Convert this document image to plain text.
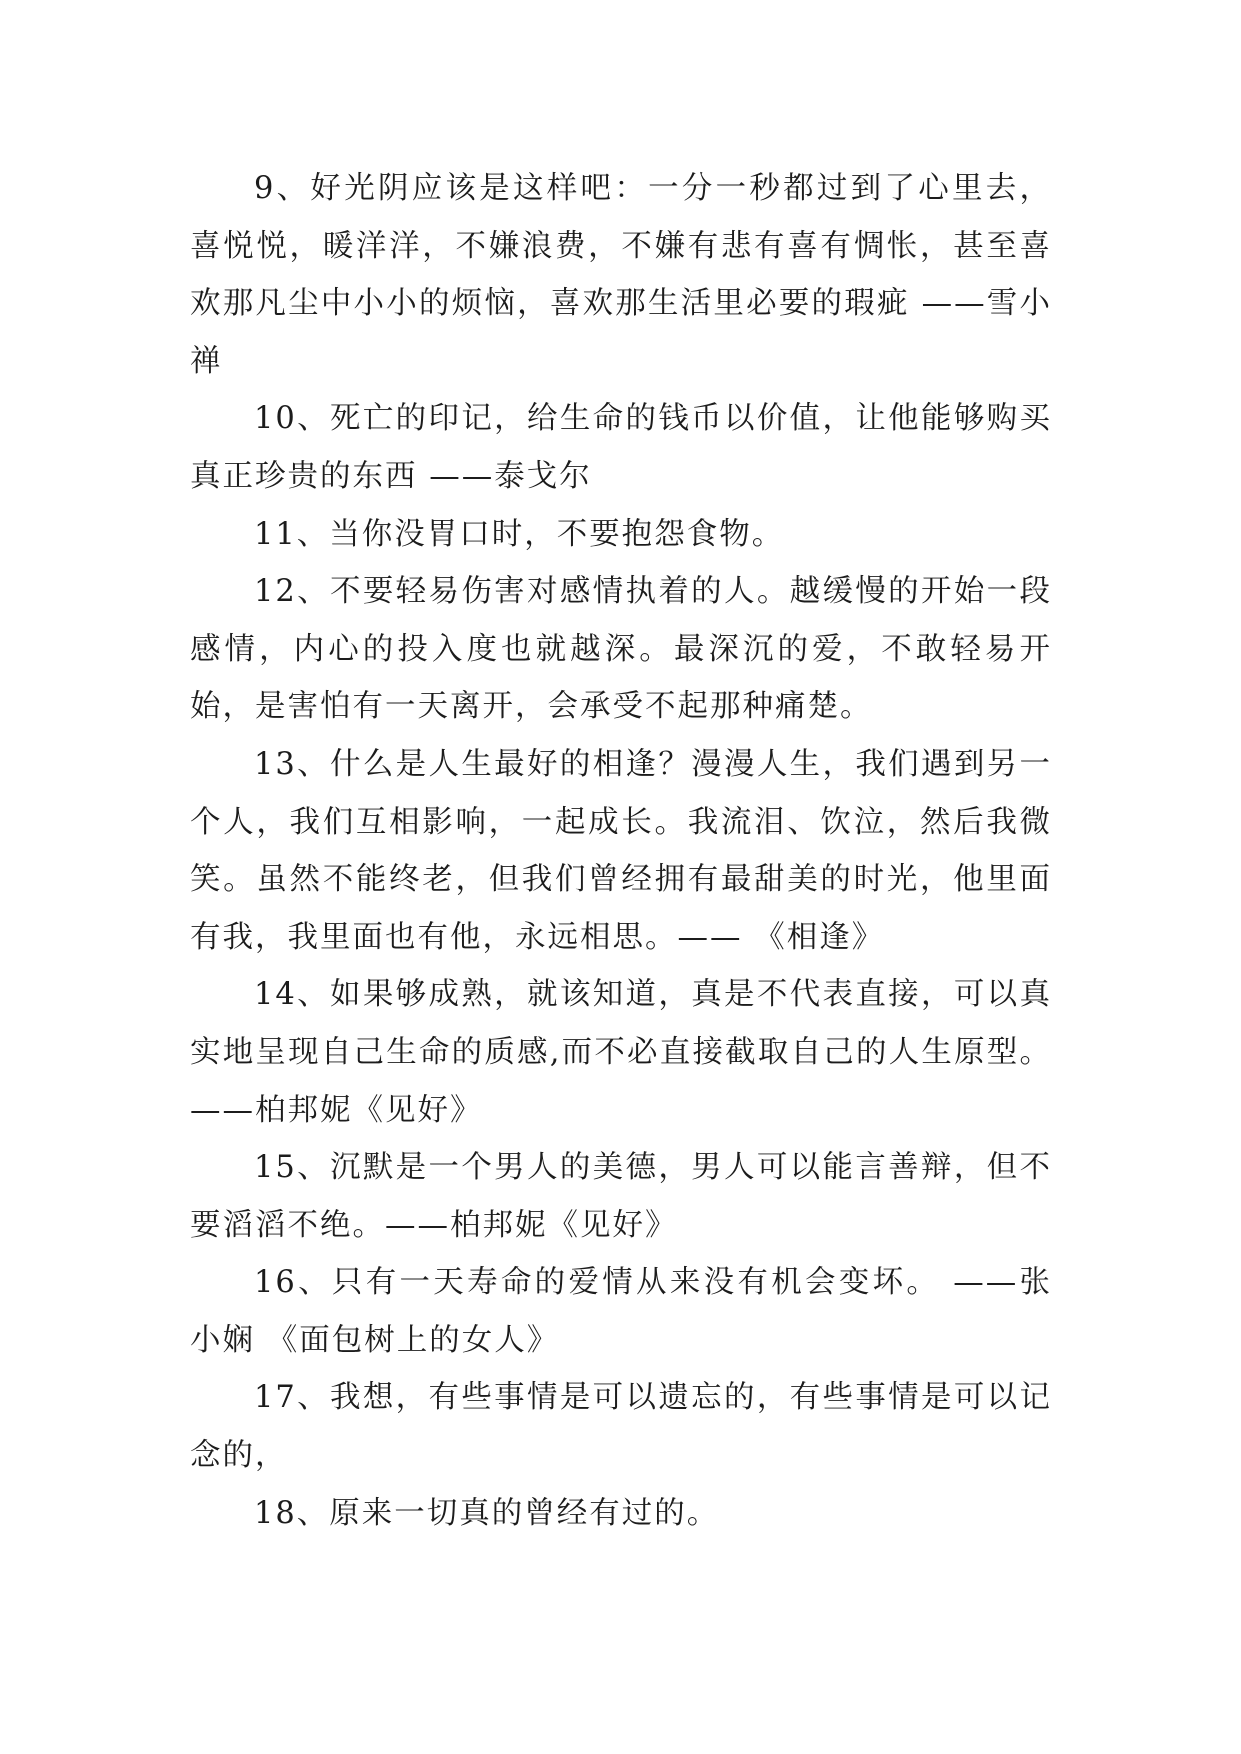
9、好光阴应该是这样吧：一分一秒都过到了心里去，喜悦悦，暖洋洋，不嫌浪费，不嫌有悲有喜有惆怅，甚至喜欢那凡尘中小小的烦恼，喜欢那生活里必要的瑕疵 ——雪小禅

10、死亡的印记，给生命的钱币以价值，让他能够购买真正珍贵的东西 ——泰戈尔

11、当你没胃口时，不要抱怨食物。

12、不要轻易伤害对感情执着的人。越缓慢的开始一段感情，内心的投入度也就越深。最深沉的爱，不敢轻易开始，是害怕有一天离开，会承受不起那种痛楚。

13、什么是人生最好的相逢？漫漫人生，我们遇到另一个人，我们互相影响，一起成长。我流泪、饮泣，然后我微笑。虽然不能终老，但我们曾经拥有最甜美的时光，他里面有我，我里面也有他，永远相思。—— 《相逢》

14、如果够成熟，就该知道，真是不代表直接，可以真实地呈现自己生命的质感,而不必直接截取自己的人生原型。——柏邦妮《见好》

15、沉默是一个男人的美德，男人可以能言善辩，但不要滔滔不绝。——柏邦妮《见好》

16、只有一天寿命的爱情从来没有机会变坏。 ——张小娴 《面包树上的女人》

17、我想，有些事情是可以遗忘的，有些事情是可以记念的，

18、原来一切真的曾经有过的。
